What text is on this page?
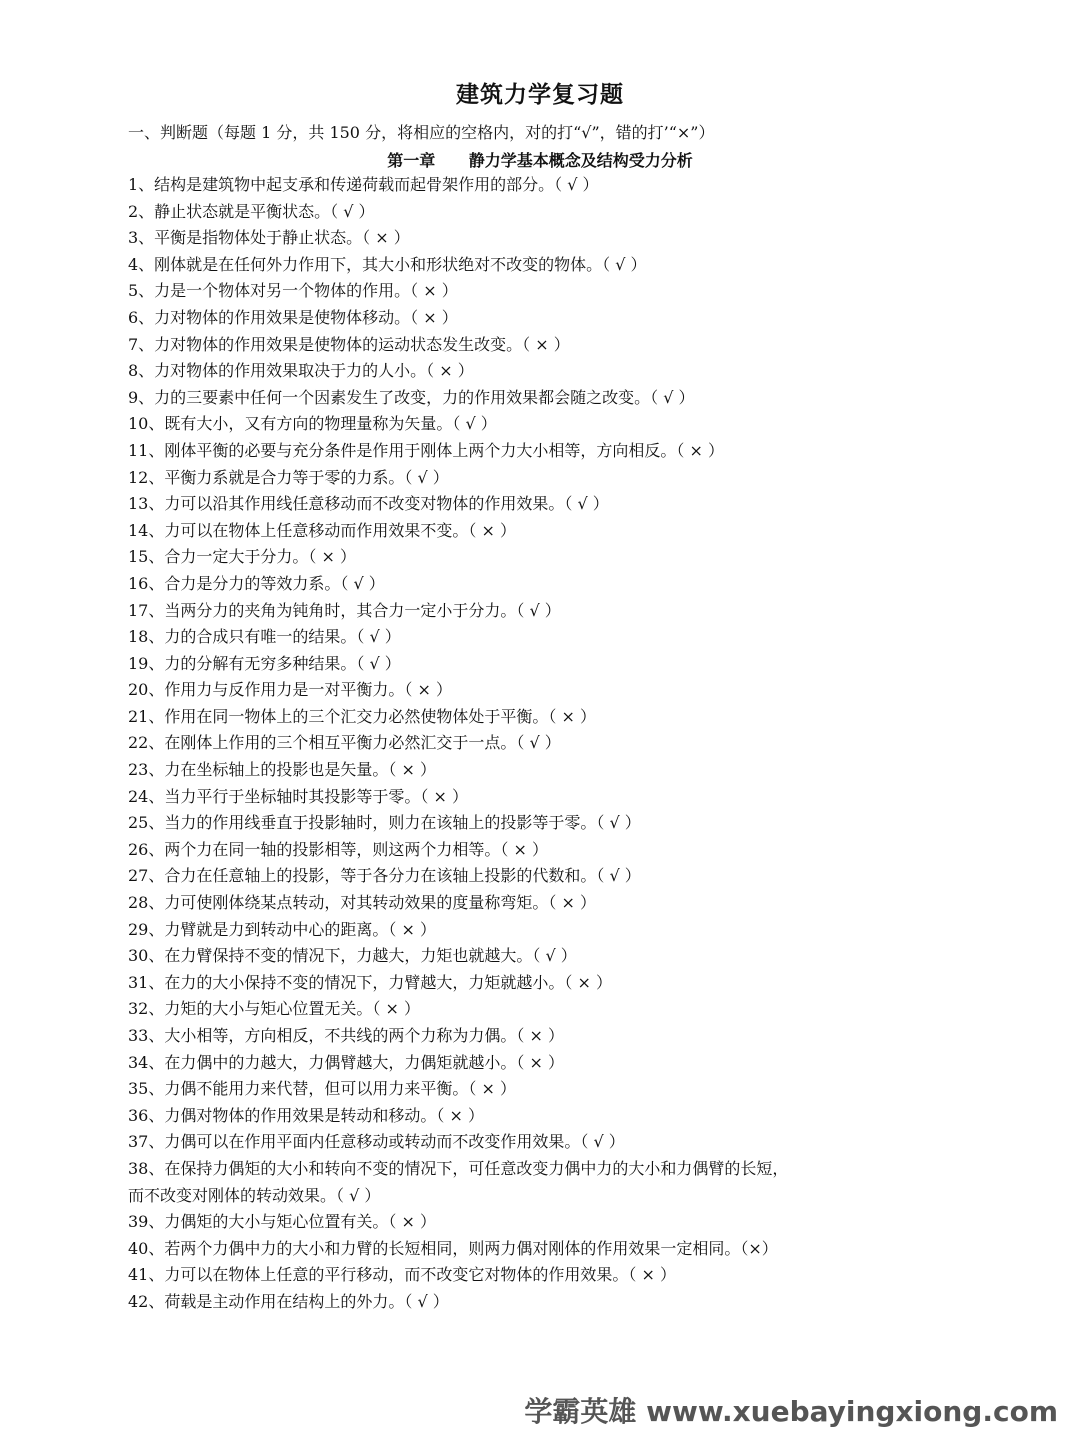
建筑力学复习题
一、判断题（每题 1 分，共 150 分，将相应的空格内，对的打“√”，错的打’“×”）
第一章      静力学基本概念及结构受力分析
1、结构是建筑物中起支承和传递荷载而起骨架作用的部分。（ √ ）
2、静止状态就是平衡状态。（ √ ）
3、平衡是指物体处于静止状态。（ × ）
4、刚体就是在任何外力作用下，其大小和形状绝对不改变的物体。（ √ ）
5、力是一个物体对另一个物体的作用。（ × ）
6、力对物体的作用效果是使物体移动。（ × ）
7、力对物体的作用效果是使物体的运动状态发生改变。（ × ）
8、力对物体的作用效果取决于力的人小。（ × ）
9、力的三要素中任何一个因素发生了改变，力的作用效果都会随之改变。（ √ ）
10、既有大小，又有方向的物理量称为矢量。（ √ ）
11、刚体平衡的必要与充分条件是作用于刚体上两个力大小相等，方向相反。（ × ）
12、平衡力系就是合力等于零的力系。（ √ ）
13、力可以沿其作用线任意移动而不改变对物体的作用效果。（ √ ）
14、力可以在物体上任意移动而作用效果不变。（ × ）
15、合力一定大于分力。（ × ）
16、合力是分力的等效力系。（ √ ）
17、当两分力的夹角为钝角时，其合力一定小于分力。（ √ ）
18、力的合成只有唯一的结果。（ √ ）
19、力的分解有无穷多种结果。（ √ ）
20、作用力与反作用力是一对平衡力。（ × ）
21、作用在同一物体上的三个汇交力必然使物体处于平衡。（ × ）
22、在刚体上作用的三个相互平衡力必然汇交于一点。（ √ ）
23、力在坐标轴上的投影也是矢量。（ × ）
24、当力平行于坐标轴时其投影等于零。（ × ）
25、当力的作用线垂直于投影轴时，则力在该轴上的投影等于零。（ √ ）
26、两个力在同一轴的投影相等，则这两个力相等。（ × ）
27、合力在任意轴上的投影，等于各分力在该轴上投影的代数和。（ √ ）
28、力可使刚体绕某点转动，对其转动效果的度量称弯矩。（ × ）
29、力臂就是力到转动中心的距离。（ × ）
30、在力臂保持不变的情况下，力越大，力矩也就越大。（ √ ）
31、在力的大小保持不变的情况下，力臂越大，力矩就越小。（ × ）
32、力矩的大小与矩心位置无关。（ × ）
33、大小相等，方向相反，不共线的两个力称为力偶。（ × ）
34、在力偶中的力越大，力偶臂越大，力偶矩就越小。（ × ）
35、力偶不能用力来代替，但可以用力来平衡。（ × ）
36、力偶对物体的作用效果是转动和移动。（ × ）
37、力偶可以在作用平面内任意移动或转动而不改变作用效果。（ √ ）
38、在保持力偶矩的大小和转向不变的情况下，可任意改变力偶中力的大小和力偶臂的长短，
而不改变对刚体的转动效果。（ √ ）
39、力偶矩的大小与矩心位置有关。（ × ）
40、若两个力偶中力的大小和力臂的长短相同，则两力偶对刚体的作用效果一定相同。（×）
41、力可以在物体上任意的平行移动，而不改变它对物体的作用效果。（ × ）
42、荷载是主动作用在结构上的外力。（ √ ）
学霸英雄 www.xuebayingxiong.com
